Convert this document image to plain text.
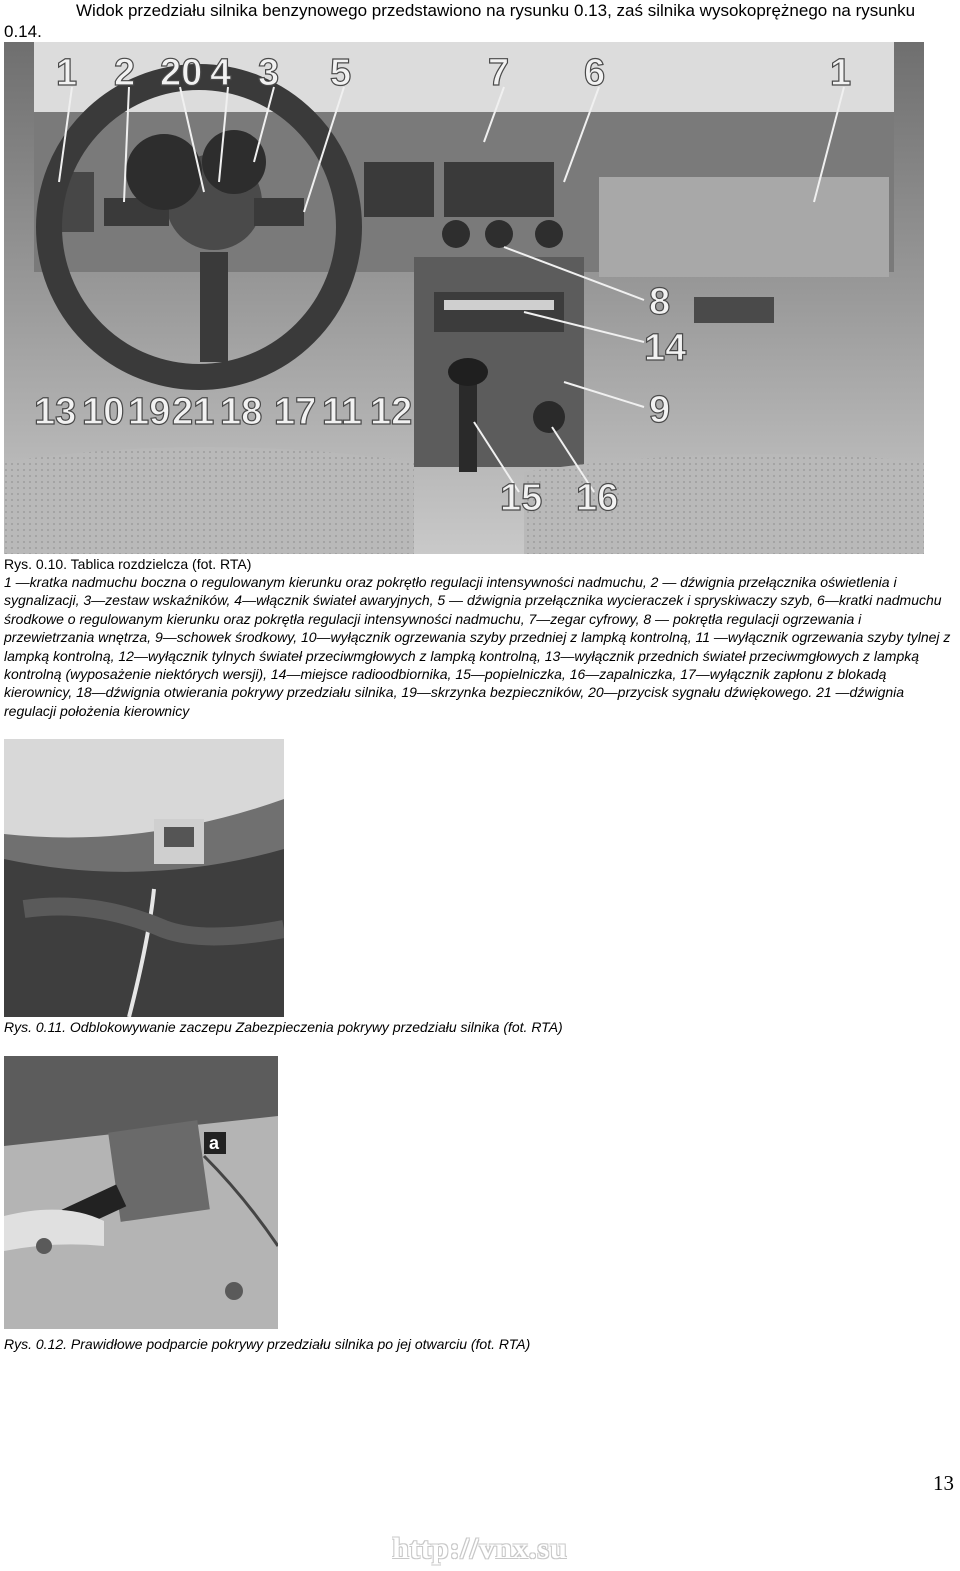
Widok przedziału silnika benzynowego przedstawiono na rysunku 0.13, zaś silnika wysokoprężnego na rysunku 0.14.
1 2 20 4 3 5	7 6	1
8
14
9
13 10 19 21 18 17 11 12
15 16
Rys. 0.10. Tablica rozdzielcza (fot. RTA)
1 —kratka nadmuchu boczna o regulowanym kierunku oraz pokrętło regulacji intensywności nadmuchu, 2 — dźwignia przełącznika oświetlenia i sygnalizacji, 3—zestaw wskaźników, 4—włącznik świateł awaryjnych, 5 — dźwignia przełącznika wycieraczek i spryskiwaczy szyb, 6—kratki nadmuchu środkowe o regulowanym kierunku oraz pokrętła regulacji intensywności nadmuchu, 7—zegar cyfrowy, 8 — pokrętła regulacji ogrzewania i przewietrzania wnętrza, 9—schowek środkowy, 10—wyłącznik ogrzewania szyby przedniej z lampką kontrolną, 11 —wyłącznik ogrzewania szyby tylnej z lampką kontrolną, 12—wyłącznik tylnych świateł przeciwmgłowych z lampką kontrolną, 13—wyłącznik przednich świateł przeciwmgłowych z lampką kontrolną (wyposażenie niektórych wersji), 14—miejsce radioodbiornika, 15—popielniczka, 16—zapalniczka, 17—wyłącznik zapłonu z blokadą kierownicy, 18—dźwignia otwierania pokrywy przedziału silnika, 19—skrzynka bezpieczników, 20—przycisk sygnału dźwiękowego. 21 —dźwignia regulacji położenia kierownicy
Rys. 0.11. Odblokowywanie zaczepu Zabezpieczenia pokrywy przedziału silnika (fot. RTA)
a
Rys. 0.12. Prawidłowe podparcie pokrywy przedziału silnika po jej otwarciu (fot. RTA)
13
http://vnx.su
